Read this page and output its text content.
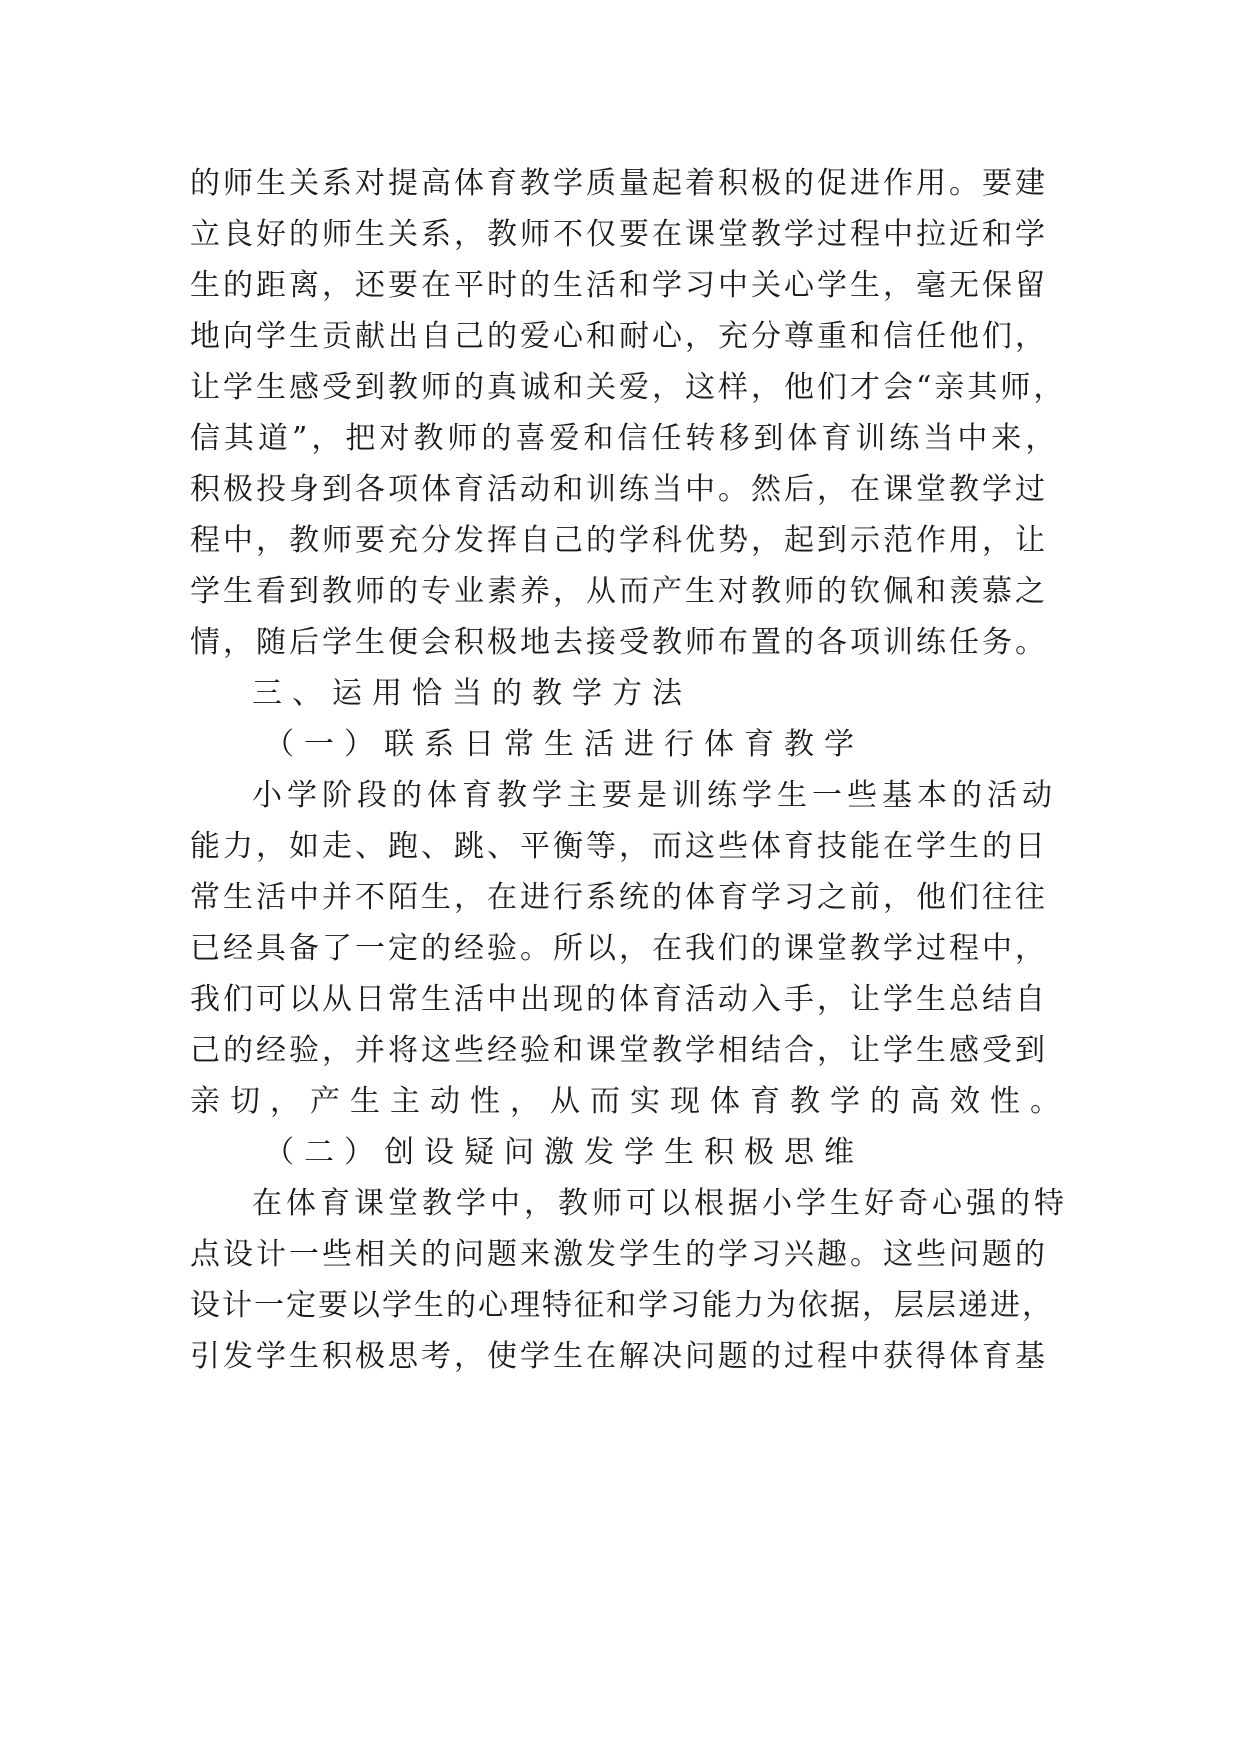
的师生关系对提高体育教学质量起着积极的促进作用。要建
立良好的师生关系，教师不仅要在课堂教学过程中拉近和学
生的距离，还要在平时的生活和学习中关心学生，毫无保留
地向学生贡献出自己的爱心和耐心，充分尊重和信任他们，
让学生感受到教师的真诚和关爱，这样，他们才会“亲其师，
信其道”，把对教师的喜爱和信任转移到体育训练当中来，
积极投身到各项体育活动和训练当中。然后，在课堂教学过
程中，教师要充分发挥自己的学科优势，起到示范作用，让
学生看到教师的专业素养，从而产生对教师的钦佩和羡慕之
情，随后学生便会积极地去接受教师布置的各项训练任务。
三、运用恰当的教学方法
（一）联系日常生活进行体育教学
小学阶段的体育教学主要是训练学生一些基本的活动
能力，如走、跑、跳、平衡等，而这些体育技能在学生的日
常生活中并不陌生，在进行系统的体育学习之前，他们往往
已经具备了一定的经验。所以，在我们的课堂教学过程中，
我们可以从日常生活中出现的体育活动入手，让学生总结自
己的经验，并将这些经验和课堂教学相结合，让学生感受到
亲切，产生主动性，从而实现体育教学的高效性。
（二）创设疑问激发学生积极思维
在体育课堂教学中，教师可以根据小学生好奇心强的特
点设计一些相关的问题来激发学生的学习兴趣。这些问题的
设计一定要以学生的心理特征和学习能力为依据，层层递进，
引发学生积极思考，使学生在解决问题的过程中获得体育基
